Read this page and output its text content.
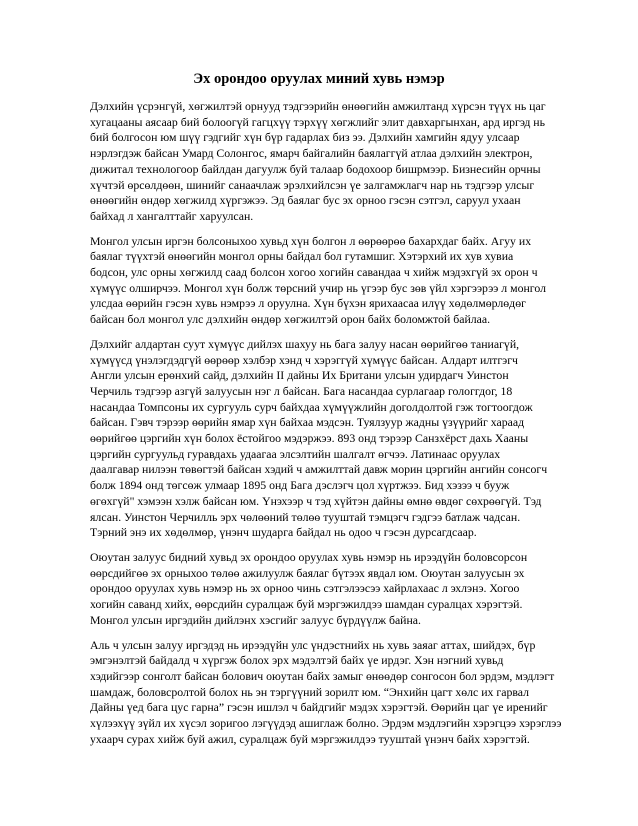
Эх орондоо оруулах миний хувь нэмэр

Дэлхийн үсрэнгүй, хөгжилтэй орнууд тэдгээрийн өнөөгийн амжилтанд хүрсэн түүх нь цаг
хугацааны аясаар бий болоогүй гагцхүү тэрхүү хөгжлийг элит давхаргынхан, ард иргэд нь
бий болгосон юм шүү гэдгийг хүн бүр гадарлах биз ээ. Дэлхийн хамгийн ядуу улсаар
нэрлэгдэж байсан Умард Солонгос, ямарч байгалийн баялаггүй атлаа дэлхийн электрон,
дижитал технологоор байлдан дагуулж буй талаар бодохоор бишрмээр. Бизнесийн орчны
хүчтэй өрсөлдөөн, шинийг санаачлаж эрэлхийлсэн үе залгамжлагч нар нь тэдгээр улсыг
өнөөгийн өндөр хөгжилд хүргэжээ. Эд баялаг бус эх орноо гэсэн сэтгэл, саруул ухаан
байхад л хангалттайг харуулсан.

Монгол улсын иргэн болсоныхоо хувьд хүн болгон л өөрөөрөө бахархдаг байх. Агуу их
баялаг түүхтэй өнөөгийн монгол орны байдал бол гутамшиг. Хэтэрхий их хув хувиа
бодсон, улс орны хөгжилд саад болсон хогоо хогийн савандаа ч хийж мэдэхгүй эх орон ч
хүмүүс олширчээ. Монгол хүн болж төрсний учир нь үгээр бус зөв үйл хэргээрээ л монгол
улсдаа өөрийн гэсэн хувь нэмрээ л оруулна. Хүн бүхэн ярихаасаа илүү хөдөлмөрлөдөг
байсан бол монгол улс дэлхийн өндөр хөгжилтэй орон байх боломжтой байлаа.

Дэлхийг алдартан суут хүмүүс дийлэх шахуу нь бага залуу насан өөрийгөө таниагүй,
хүмүүсд үнэлэгдэдгүй өөрөөр хэлбэр хэнд ч хэрэггүй хүмүүс байсан. Алдарт илтгэгч
Англи улсын ерөнхий сайд, дэлхийн II дайны Их Британи улсын удирдагч Уинстон
Черчиль тэдгээр азгүй залуусын нэг л байсан. Бага насандаа сурлагаар гологгдог, 18
насандаа Томпсоны их сургууль сурч байхдаа хүмүүжлийн доголдолтой гэж тогтоогдож
байсан. Гэвч тэрээр өөрийн ямар хүн байхаа мэдсэн. Туялзуур жадны үзүүрийг хараад
өөрийгөө цэргийн хүн болох ёстойгоо мэдэржээ. 893 онд тэрээр Санзхёрст дахь Хааны
цэргийн сургуульд гуравдахь удаагаа элсэлтийн шалгалт өгчээ. Латинаас оруулах
даалгавар нилээн төвөгтэй байсан хэдий ч амжилттай давж морин цэргийн ангийн сонсогч
болж 1894 онд төгсөж улмаар 1895 онд Бага дэслэгч цол хүртжээ. Бид хэзээ ч бууж
өгөхгүй" хэмээн хэлж байсан юм. Үнэхээр ч тэд хүйтэн дайны өмнө өвдөг сөхрөөгүй. Тэд
ялсан. Уинстон Черчилль эрх чөлөөний төлөө тууштай тэмцэгч гэдгээ батлаж чадсан.
Тэрний энэ их хөдөлмөр, үнэнч шударга байдал нь одоо ч гэсэн дурсагдсаар.

Оюутан залуус бидний хувьд эх орондоо оруулах хувь нэмэр нь ирээдүйн боловсорсон
өөрсдийгөө эх орныхоо төлөө ажилуулж баялаг бүтээх явдал юм. Оюутан залуусын эх
орондоо оруулах хувь нэмэр нь эх орноо чинь сэтгэлээсээ хайрлахаас л эхлэнэ. Хогоо
хогийн саванд хийх, өөрсдийн суралцаж буй мэргэжилдээ шамдан суралцах хэрэгтэй.
Монгол улсын иргэдийн дийлэнх хэсгийг залуус бүрдүүлж байна.

Аль ч улсын залуу иргэдэд нь ирээдүйн улс үндэстнийх нь хувь заяаг аттах, шийдэх, бүр
эмгэнэлтэй байдалд ч хүргэж болох эрх мэдэлтэй байх үе ирдэг. Хэн нэгний хувьд
хэдийгээр сонголт байсан болович оюутан байх замыг өнөөдөр сонгосон бол эрдэм, мэдлэгт
шамдаж, боловсролтой болох нь эн тэргүүний зорилт юм. “Энхийн цагт хөлс их гарвал
Дайны үед бага цус гарна” гэсэн ишлэл ч байдгийг мэдэх хэрэгтэй. Өөрийн цаг үе иренийг
хүлээхүү зүйл их хүсэл зоригоо лэгүүдэд ашиглаж болно. Эрдэм мэдлэгийн хэрэгцээ хэрэглээ
ухаарч сурах хийж буй ажил, суралцаж буй мэргэжилдээ тууштай үнэнч байх хэрэгтэй.
